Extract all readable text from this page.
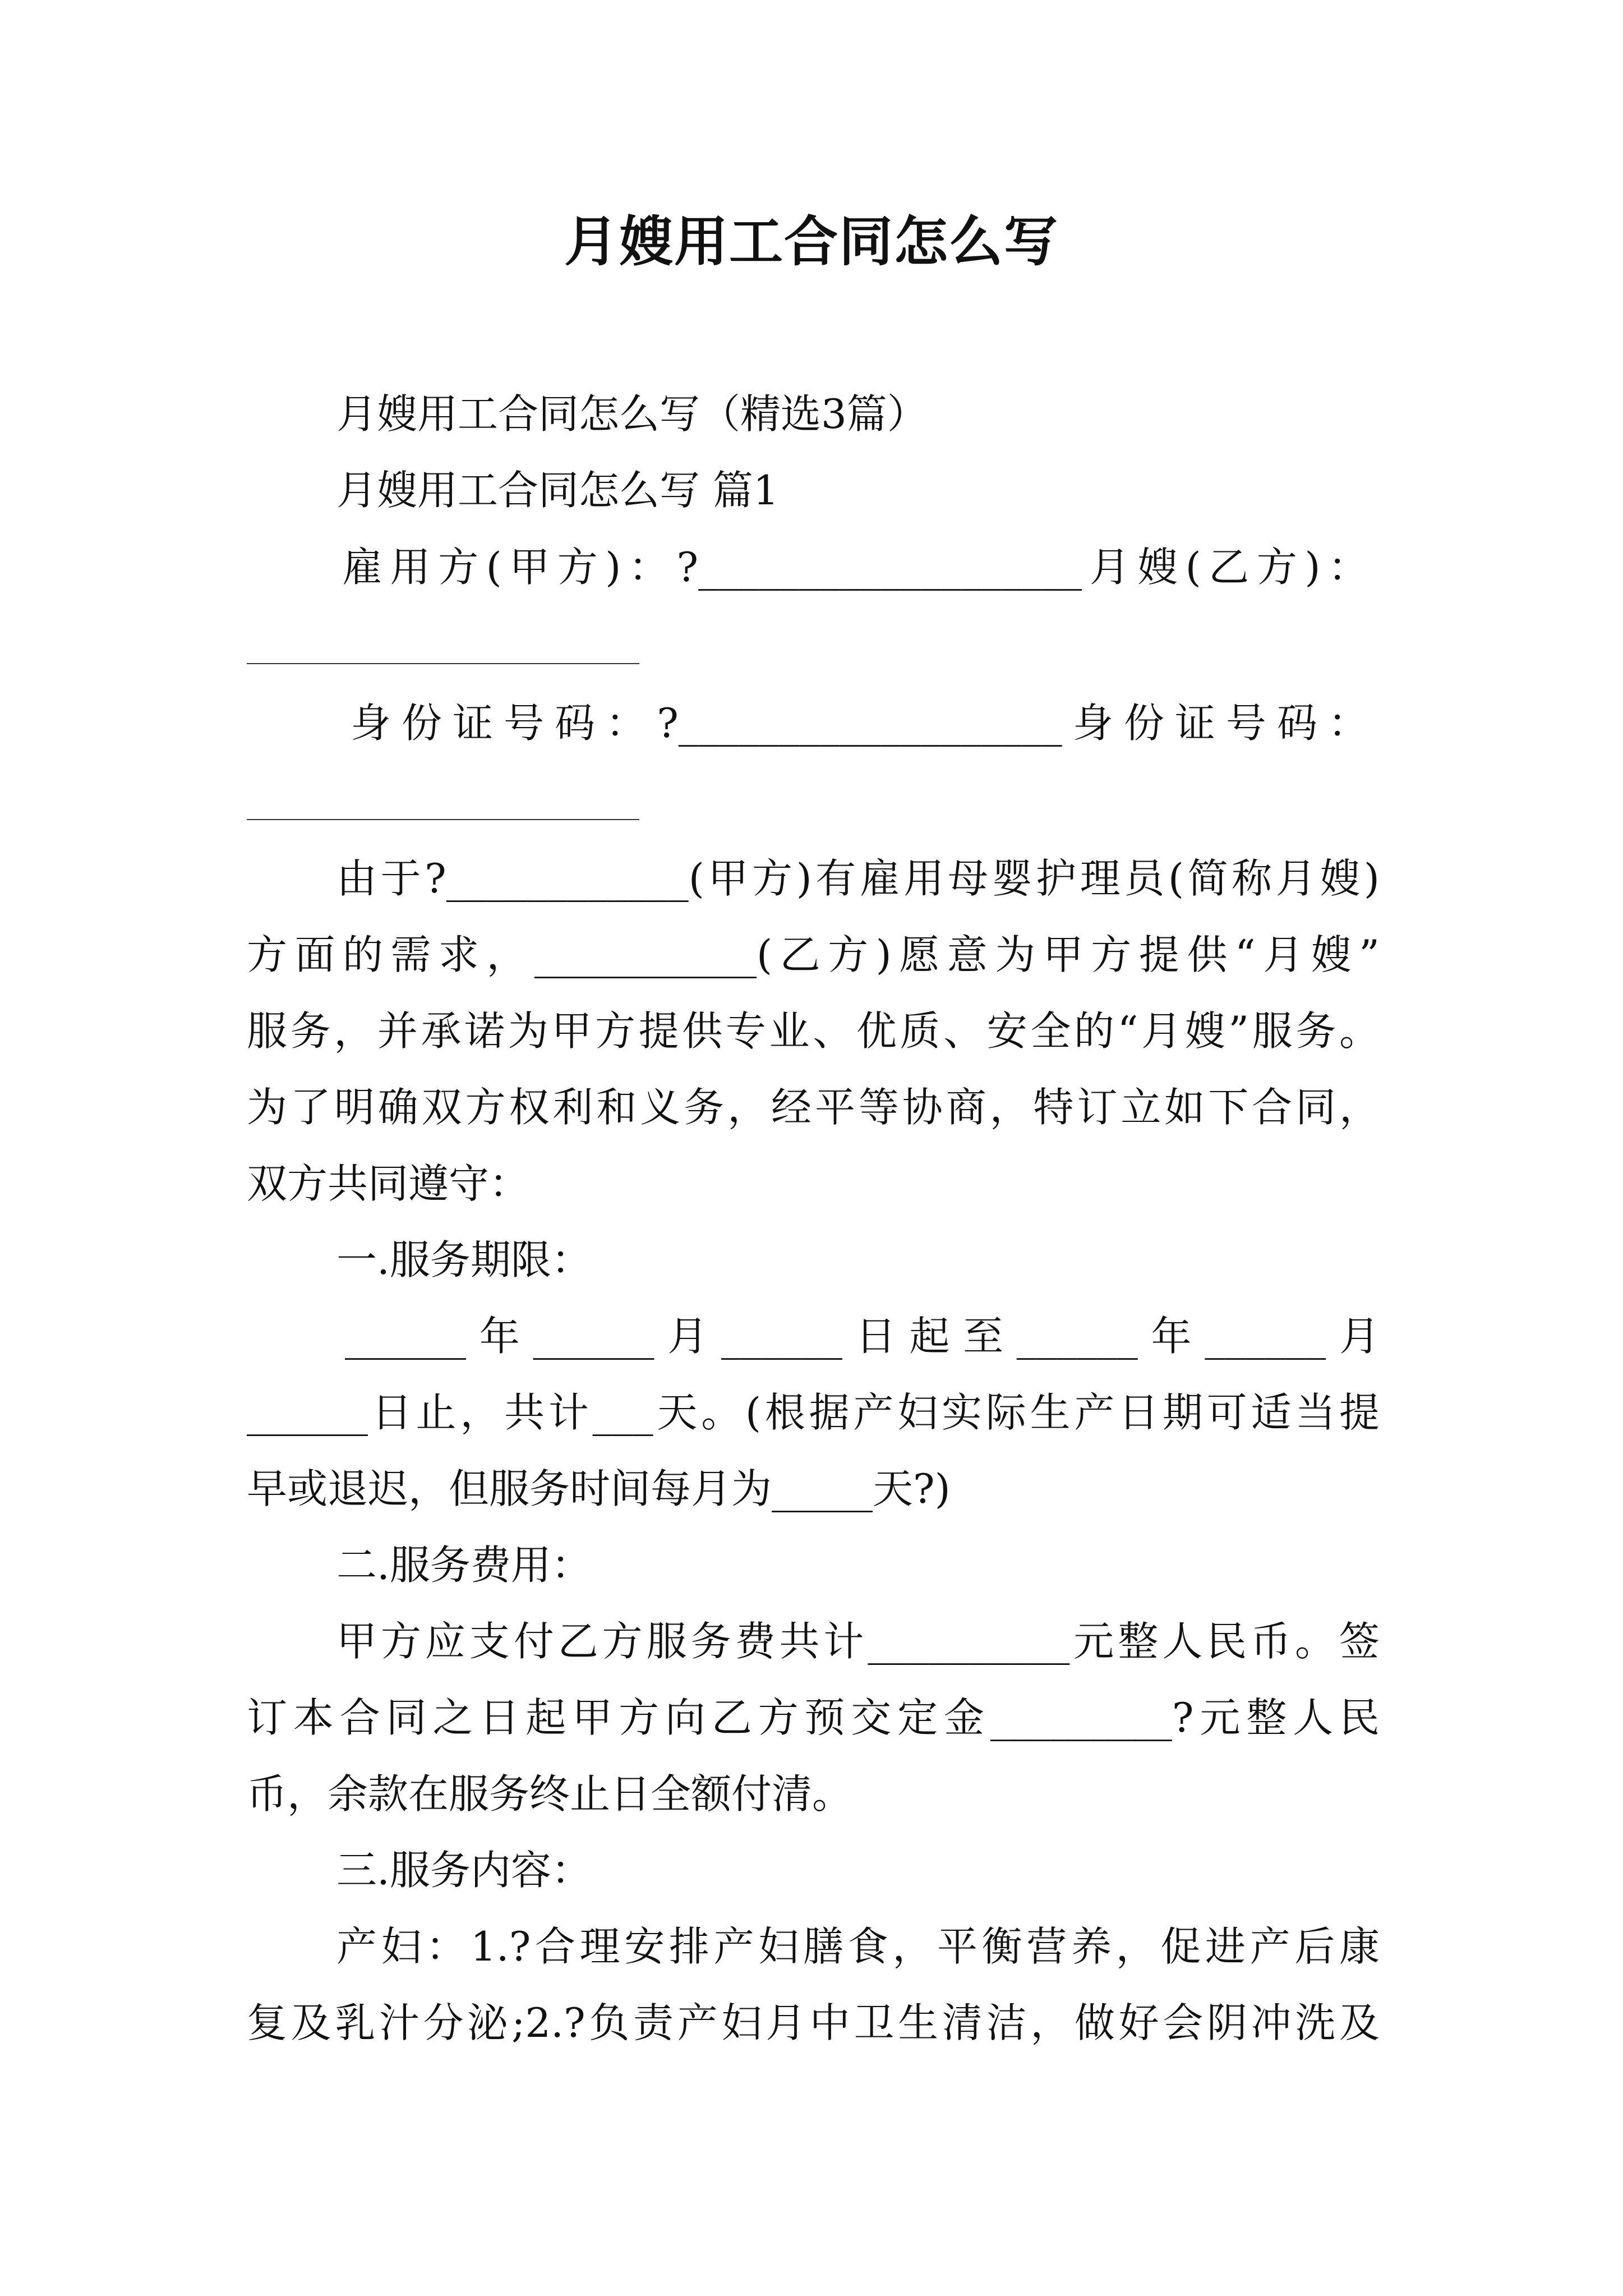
月嫂用工合同怎么写
月嫂用工合同怎么写（精选3篇）
月嫂用工合同怎么写 篇1
雇用方(甲方)：?___________________月嫂(乙方)：
身份证号码：?___________________身份证号码：
由于?____________(甲方)有雇用母婴护理员(简称月嫂)
方面的需求，___________(乙方)愿意为甲方提供“月嫂”
服务，并承诺为甲方提供专业、优质、安全的“月嫂”服务。
为了明确双方权利和义务，经平等协商，特订立如下合同，
双方共同遵守：
一.服务期限：
______年______月______日起至______年______月
______日止，共计___天。(根据产妇实际生产日期可适当提
早或退迟，但服务时间每月为_____天?)
二.服务费用：
甲方应支付乙方服务费共计__________元整人民币。签
订本合同之日起甲方向乙方预交定金_________?元整人民
币，余款在服务终止日全额付清。
三.服务内容：
产妇：1.?合理安排产妇膳食，平衡营养，促进产后康
复及乳汁分泌;2.?负责产妇月中卫生清洁，做好会阴冲洗及
